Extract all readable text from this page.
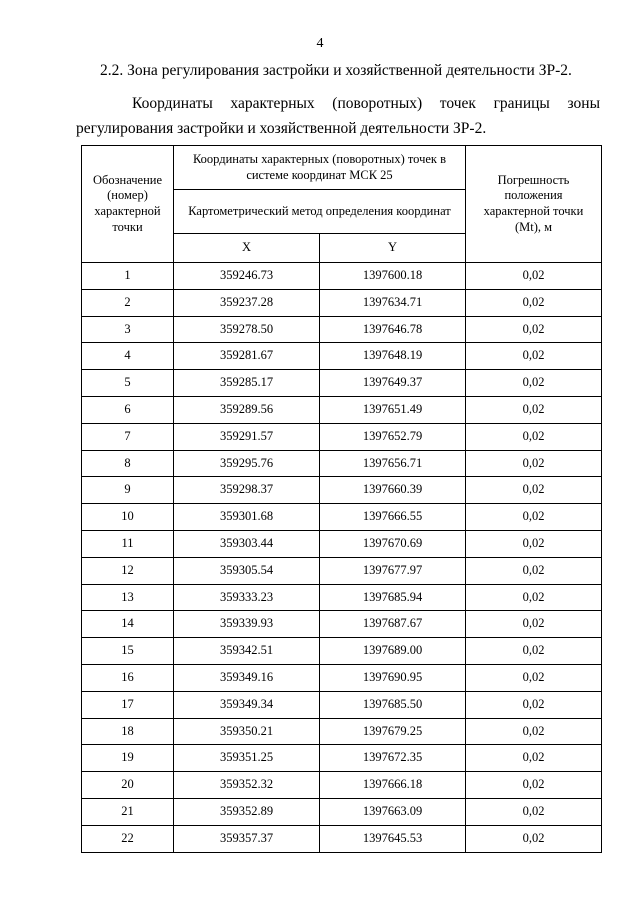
4
2.2. Зона регулирования застройки и хозяйственной деятельности ЗР-2.
Координаты характерных (поворотных) точек границы зоны
регулирования застройки и хозяйственной деятельности ЗР-2.
Обозначение (номер) характерной точки	Координаты характерных (поворотных) точек в системе координат МСК 25		Погрешность положения характерной точки (Mt), м
	Картометрический метод определения координат		
	X	Y	
1	359246.73	1397600.18	0,02
2	359237.28	1397634.71	0,02
3	359278.50	1397646.78	0,02
4	359281.67	1397648.19	0,02
5	359285.17	1397649.37	0,02
6	359289.56	1397651.49	0,02
7	359291.57	1397652.79	0,02
8	359295.76	1397656.71	0,02
9	359298.37	1397660.39	0,02
10	359301.68	1397666.55	0,02
11	359303.44	1397670.69	0,02
12	359305.54	1397677.97	0,02
13	359333.23	1397685.94	0,02
14	359339.93	1397687.67	0,02
15	359342.51	1397689.00	0,02
16	359349.16	1397690.95	0,02
17	359349.34	1397685.50	0,02
18	359350.21	1397679.25	0,02
19	359351.25	1397672.35	0,02
20	359352.32	1397666.18	0,02
21	359352.89	1397663.09	0,02
22	359357.37	1397645.53	0,02
